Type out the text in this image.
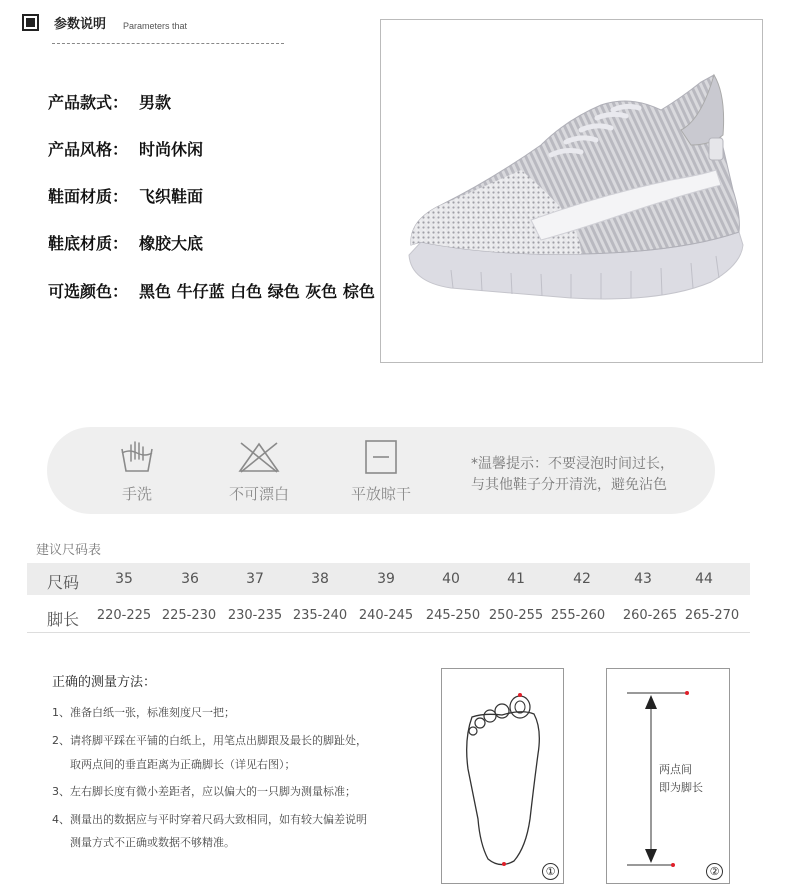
参数说明 Parameters that
产品款式： 男款
产品风格： 时尚休闲
鞋面材质： 飞织鞋面
鞋底材质： 橡胶大底
可选颜色： 黑色 牛仔蓝 白色 绿色 灰色 棕色
手洗	不可漂白	平放晾干
*温馨提示：不要浸泡时间过长，
与其他鞋子分开清洗，避免沾色
建议尺码表
尺码	35	36	37	38	39	40	41	42	43	44
脚长 220-225 225-230 230-235 235-240 240-245 245-250 250-255 255-260 260-265 265-270
正确的测量方法：
1、准备白纸一张，标准刻度尺一把；
2、请将脚平踩在平铺的白纸上，用笔点出脚跟及最长的脚趾处，
取两点间的垂直距离为正确脚长（详见右图）；
3、左右脚长度有微小差距者，应以偏大的一只脚为测量标准；
4、测量出的数据应与平时穿着尺码大致相同，如有较大偏差说明
测量方式不正确或数据不够精准。
①
两点间
即为脚长
②
